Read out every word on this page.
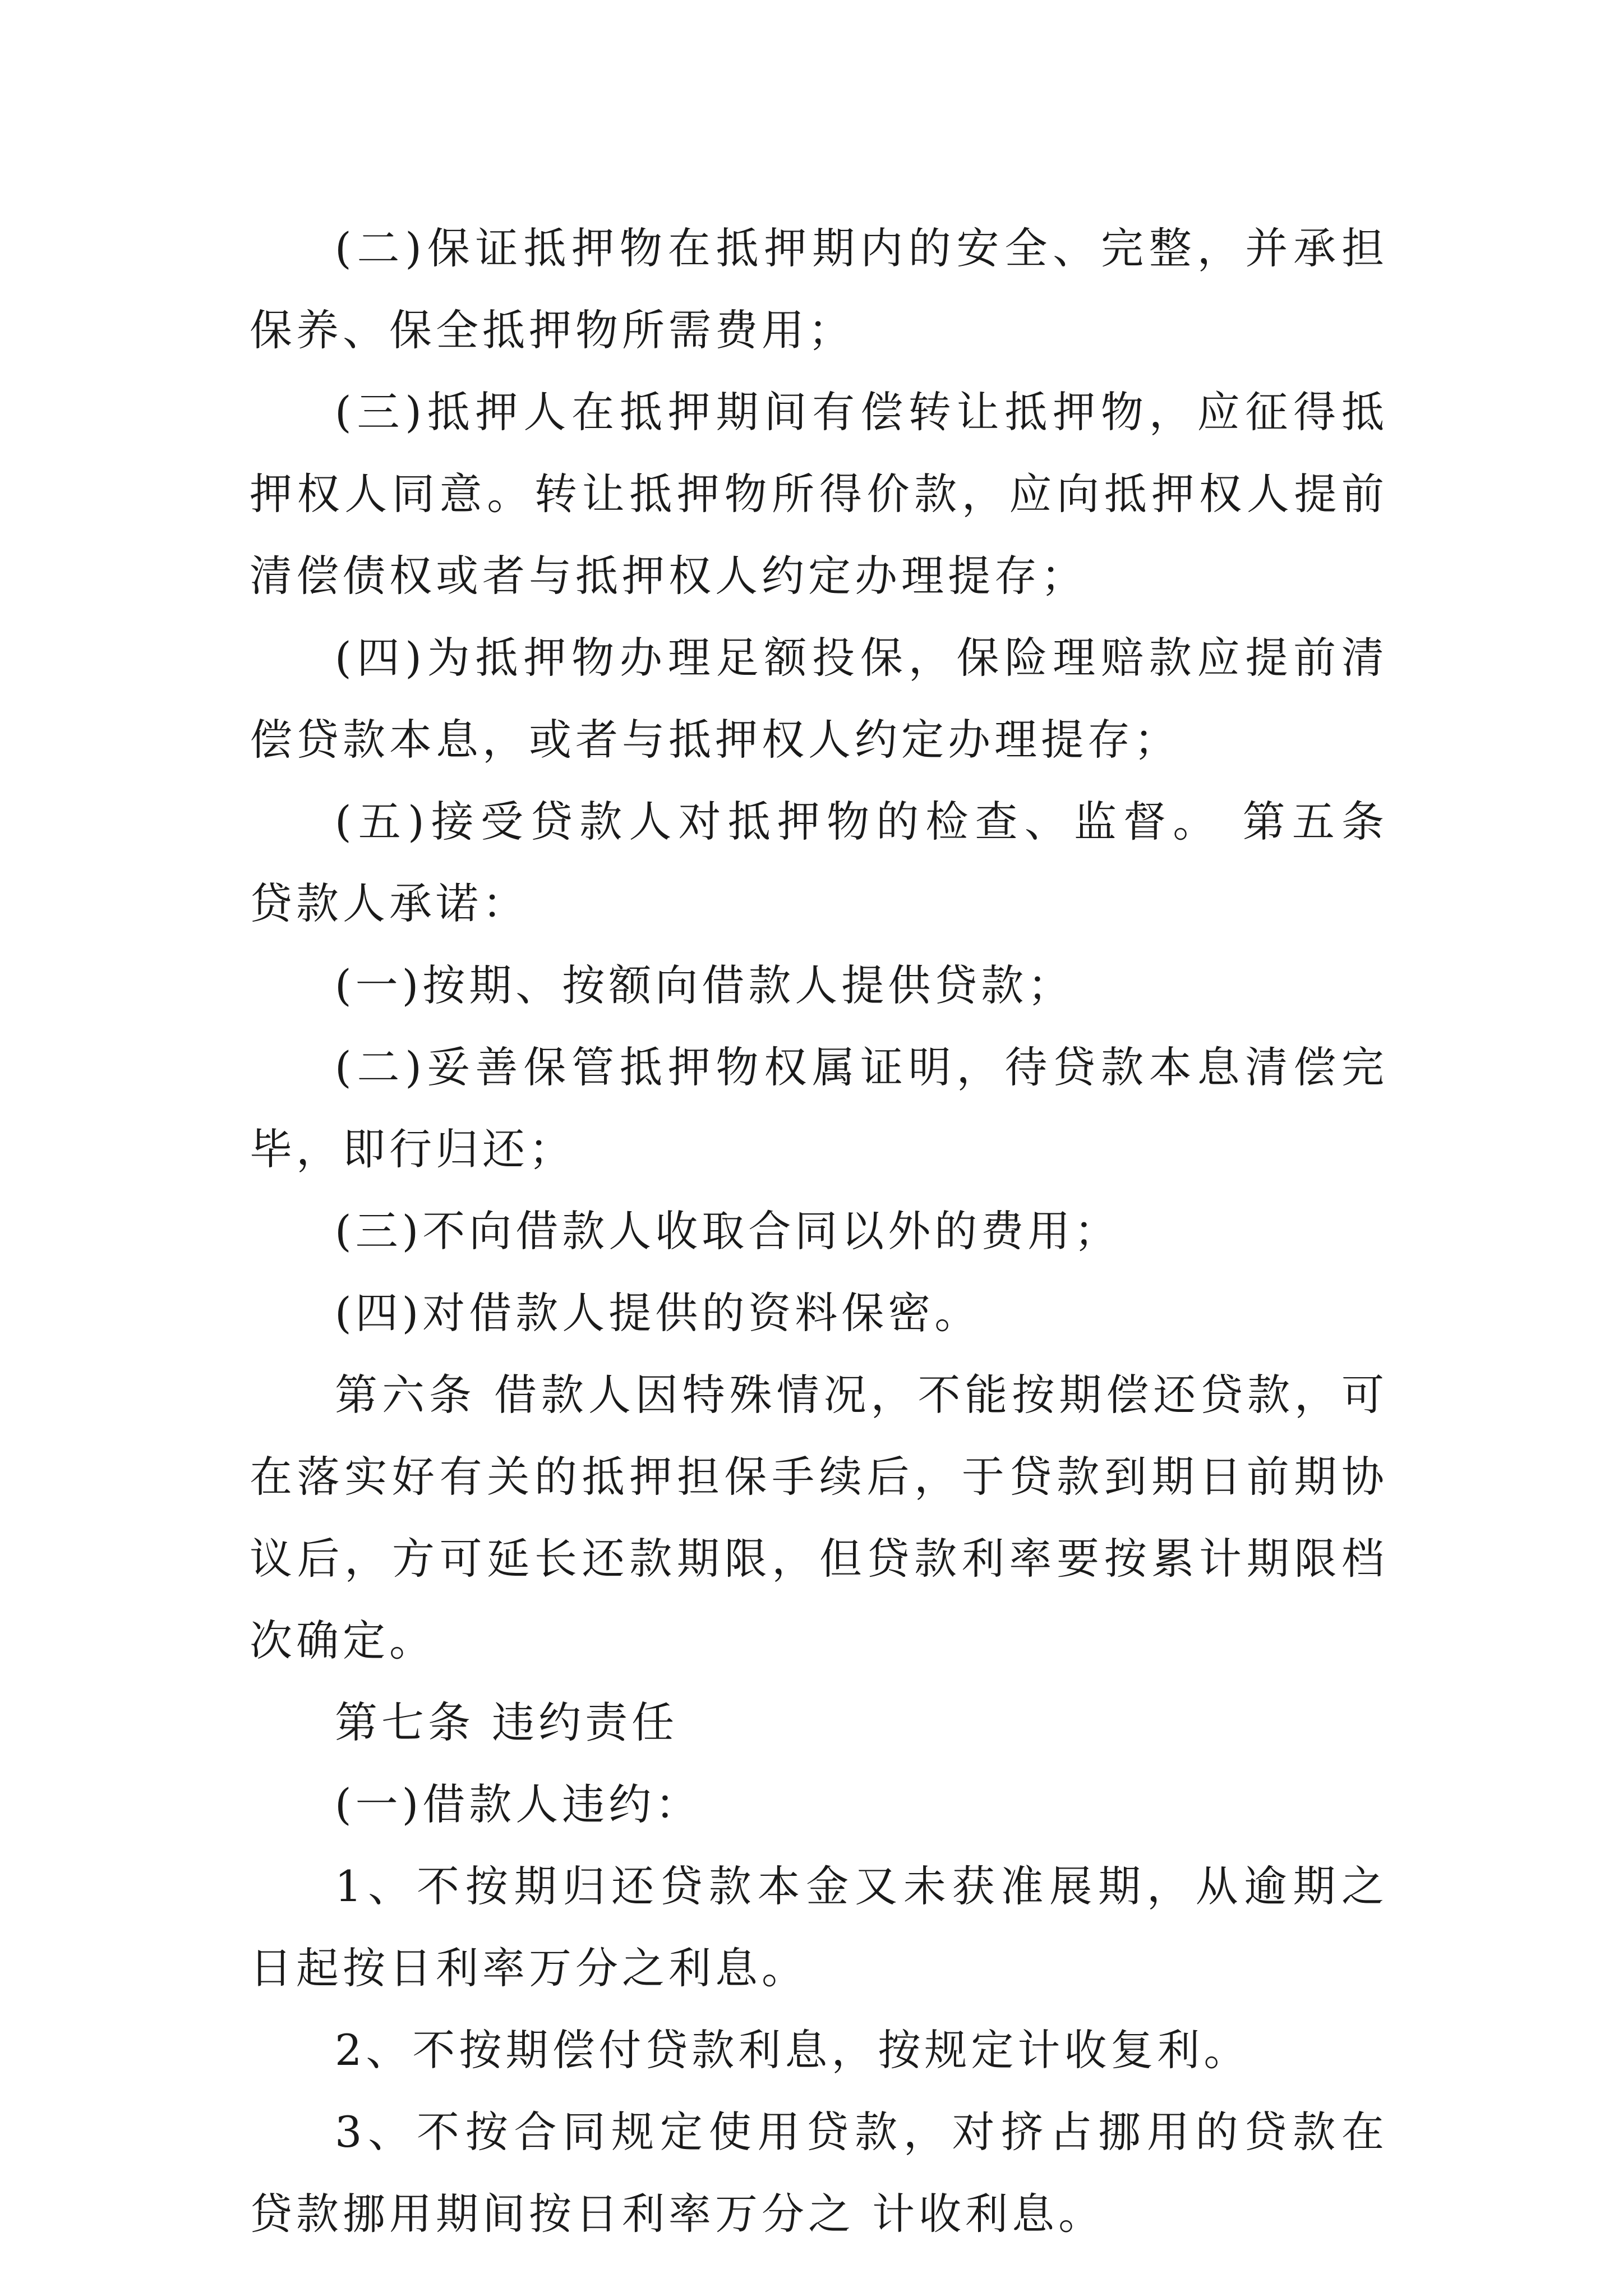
(二)保证抵押物在抵押期内的安全、完整，并承担保养、保全抵押物所需费用；

(三)抵押人在抵押期间有偿转让抵押物，应征得抵押权人同意。转让抵押物所得价款，应向抵押权人提前清偿债权或者与抵押权人约定办理提存；

(四)为抵押物办理足额投保，保险理赔款应提前清偿贷款本息，或者与抵押权人约定办理提存；

(五)接受贷款人对抵押物的检查、监督。 第五条 贷款人承诺：

(一)按期、按额向借款人提供贷款；

(二)妥善保管抵押物权属证明，待贷款本息清偿完毕，即行归还；

(三)不向借款人收取合同以外的费用；

(四)对借款人提供的资料保密。

第六条 借款人因特殊情况，不能按期偿还贷款，可在落实好有关的抵押担保手续后，于贷款到期日前期协议后，方可延长还款期限，但贷款利率要按累计期限档次确定。

第七条 违约责任

(一)借款人违约：

1、不按期归还贷款本金又未获准展期，从逾期之日起按日利率万分之利息。

2、不按期偿付贷款利息，按规定计收复利。

3、不按合同规定使用贷款，对挤占挪用的贷款在贷款挪用期间按日利率万分之 计收利息。
